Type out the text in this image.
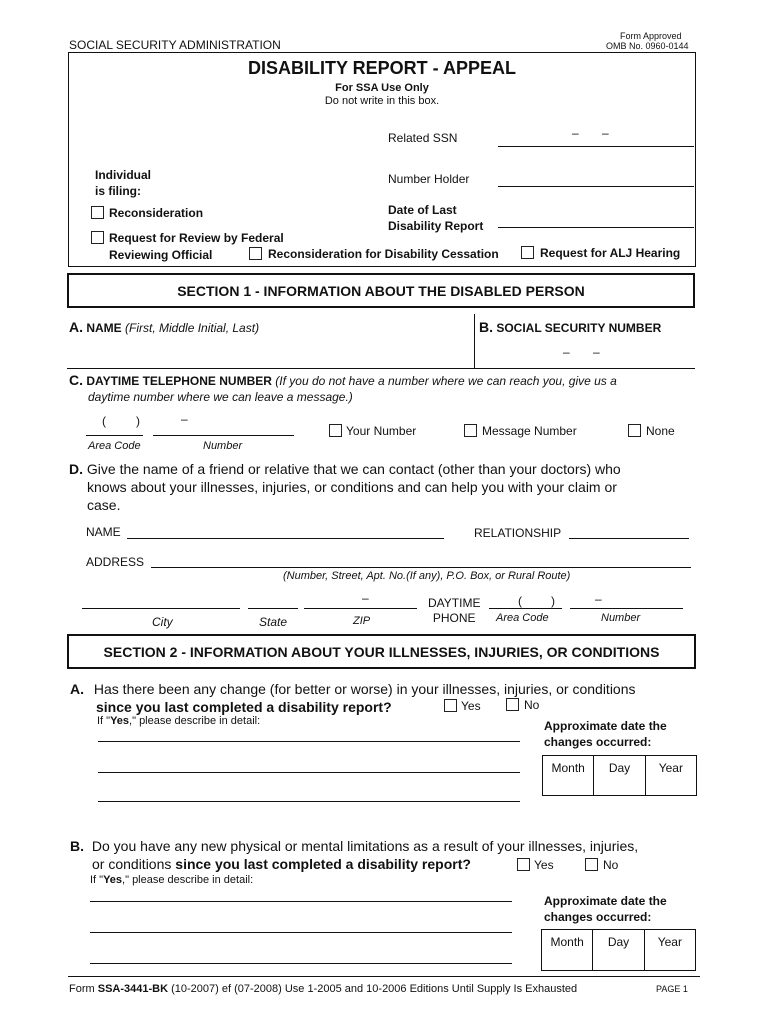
SOCIAL SECURITY ADMINISTRATION
Form Approved
OMB No. 0960-0144
DISABILITY REPORT - APPEAL
For SSA Use Only
Do not write in this box.
Related SSN	– –
Individual
is filing:
Number Holder
Date of Last
Disability Report
Reconsideration
Request for Review by Federal
Reviewing Official	Reconsideration for Disability Cessation	Request for ALJ Hearing
SECTION 1 - INFORMATION ABOUT THE DISABLED PERSON
A. NAME (First, Middle Initial, Last)	B. SOCIAL SECURITY NUMBER
– –
C. DAYTIME TELEPHONE NUMBER (If you do not have a number where we can reach you, give us a
daytime number where we can leave a message.)
(	)	–
Area Code	Number
Your Number	Message Number	None
D. Give the name of a friend or relative that we can contact (other than your doctors) who
knows about your illnesses, injuries, or conditions and can help you with your claim or
case.
NAME	RELATIONSHIP
ADDRESS
(Number, Street, Apt. No.(If any), P.O. Box, or Rural Route)
–
City	State	ZIP
DAYTIME
PHONE
( )	–
Area Code	Number
SECTION 2 - INFORMATION ABOUT YOUR ILLNESSES, INJURIES, OR CONDITIONS
A. Has there been any change (for better or worse) in your illnesses, injuries, or conditions
since you last completed a disability report?	Yes	No
If "Yes," please describe in detail:	Approximate date the
changes occurred:
Month	Day	Year
B. Do you have any new physical or mental limitations as a result of your illnesses, injuries,
or conditions since you last completed a disability report?	Yes	No
If "Yes," please describe in detail:
Approximate date the
changes occurred:
Month	Day	Year
Form SSA-3441-BK (10-2007) ef (07-2008) Use 1-2005 and 10-2006 Editions Until Supply Is Exhausted	PAGE 1
